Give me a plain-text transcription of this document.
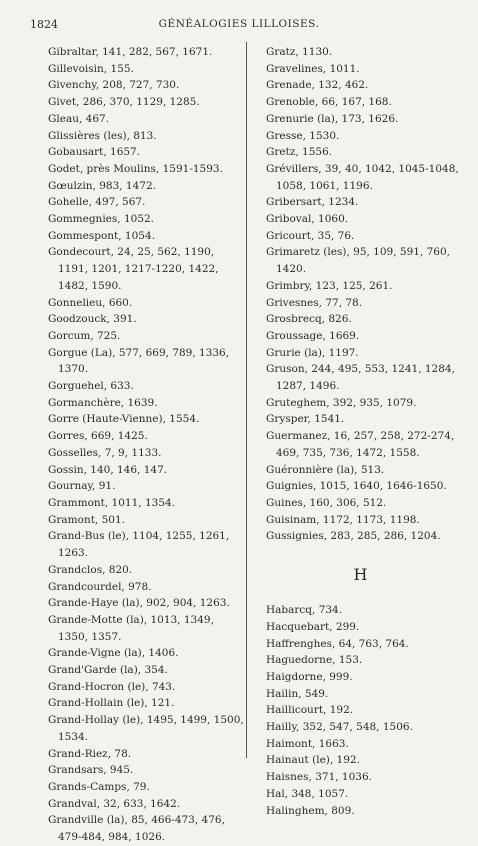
1824	GÉNÉALOGIES LILLOISES.
Gibraltar, 141, 282, 567, 1671.
Gillevoisin, 155.
Givenchy, 208, 727, 730.
Givet, 286, 370, 1129, 1285.
Gleau, 467.
Glissières (les), 813.
Gobausart, 1657.
Godet, près Moulins, 1591-1593.
Gœulzin, 983, 1472.
Gohelle, 497, 567.
Gommegnies, 1052.
Gommespont, 1054.
Gondecourt, 24, 25, 562, 1190, 1191, 1201, 1217-1220, 1422, 1482, 1590.
Gonnelieu, 660.
Goodzouck, 391.
Gorcum, 725.
Gorgue (La), 577, 669, 789, 1336, 1370.
Gorguehel, 633.
Gormanchère, 1639.
Gorre (Haute-Vienne), 1554.
Gorres, 669, 1425.
Gosselles, 7, 9, 1133.
Gossin, 140, 146, 147.
Gournay, 91.
Grammont, 1011, 1354.
Gramont, 501.
Grand-Bus (le), 1104, 1255, 1261, 1263.
Grandclos, 820.
Grandcourdel, 978.
Grande-Haye (la), 902, 904, 1263.
Grande-Motte (la), 1013, 1349, 1350, 1357.
Grande-Vigne (la), 1406.
Grand'Garde (la), 354.
Grand-Hocron (le), 743.
Grand-Hollain (le), 121.
Grand-Hollay (le), 1495, 1499, 1500, 1534.
Grand-Riez, 78.
Grandsars, 945.
Grands-Camps, 79.
Grandval, 32, 633, 1642.
Grandville (la), 85, 466-473, 476, 479-484, 984, 1026.
Gratz, 1130.
Gravelines, 1011.
Grenade, 132, 462.
Grenoble, 66, 167, 168.
Grenurie (la), 173, 1626.
Gresse, 1530.
Gretz, 1556.
Grévillers, 39, 40, 1042, 1045-1048, 1058, 1061, 1196.
Gribersart, 1234.
Griboval, 1060.
Gricourt, 35, 76.
Grimaretz (les), 95, 109, 591, 760, 1420.
Grimbry, 123, 125, 261.
Grivesnes, 77, 78.
Grosbrecq, 826.
Groussage, 1669.
Grurie (la), 1197.
Gruson, 244, 495, 553, 1241, 1284, 1287, 1496.
Gruteghem, 392, 935, 1079.
Grysper, 1541.
Guermanez, 16, 257, 258, 272-274, 469, 735, 736, 1472, 1558.
Guéronnière (la), 513.
Guignies, 1015, 1640, 1646-1650.
Guines, 160, 306, 512.
Guisinam, 1172, 1173, 1198.
Gussignies, 283, 285, 286, 1204.
H
Habarcq, 734.
Hacquebart, 299.
Haffrenghes, 64, 763, 764.
Haguedorne, 153.
Haigdorne, 999.
Hailin, 549.
Haillicourt, 192.
Hailly, 352, 547, 548, 1506.
Haimont, 1663.
Hainaut (le), 192.
Haisnes, 371, 1036.
Hal, 348, 1057.
Halinghem, 809.
